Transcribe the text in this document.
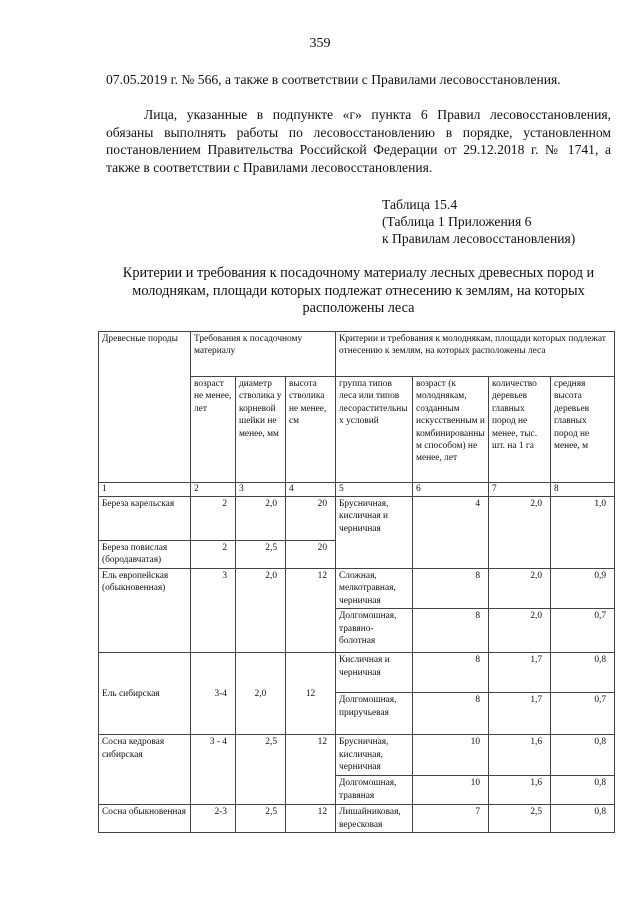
359
07.05.2019 г. № 566, а также в соответствии с Правилами лесовосстановления.
Лица, указанные в подпункте «г» пункта 6 Правил лесовосстановления, обязаны выполнять работы по лесовосстановлению в порядке, установленном постановлением Правительства Российской Федерации от 29.12.2018 г. № 1741, а также в соответствии с Правилами лесовосстановления.
Таблица 15.4
(Таблица 1 Приложения 6
к Правилам лесовосстановления)
Критерии и требования к посадочному материалу лесных древесных пород и молоднякам, площади которых подлежат отнесению к землям, на которых расположены леса
Древесные породы	Требования к посадочному материалу			Критерии и требования к молоднякам, площади которых подлежат отнесению к землям, на которых расположены леса			
	возраст не менее, лет	диаметр стволика у корневой шейки не менее, мм	высота стволика не менее, см	группа типов леса или типов лесорастительных условий	возраст (к молоднякам, созданным искусственным и комбинированным способом) не менее, лет	количество деревьев главных пород не менее, тыс. шт. на 1 га	средняя высота деревьев главных пород не менее, м
1	2	3	4	5	6	7	8
Береза карельская	2	2,0	20	Брусничная, кисличная и черничная	4	2,0	1,0
Береза повислая (бородавчатая)	2	2,5	20				
Ель европейская (обыкновенная)	3	2,0	12	Сложная, мелкотравная, черничная	8	2,0	0,9
				Долгомошная, травяно-болотная	8	2,0	0,7
Ель сибирская	3-4	2,0	12	Кисличная и черничная	8	1,7	0,8
				Долгомошная, приручьевая	8	1,7	0,7
Сосна кедровая сибирская	3 - 4	2,5	12	Брусничная, кисличная, черничная	10	1,6	0,8
				Долгомошная, травяная	10	1,6	0,8
Сосна обыкновенная	2-3	2,5	12	Лишайниковая, вересковая	7	2,5	0,8
